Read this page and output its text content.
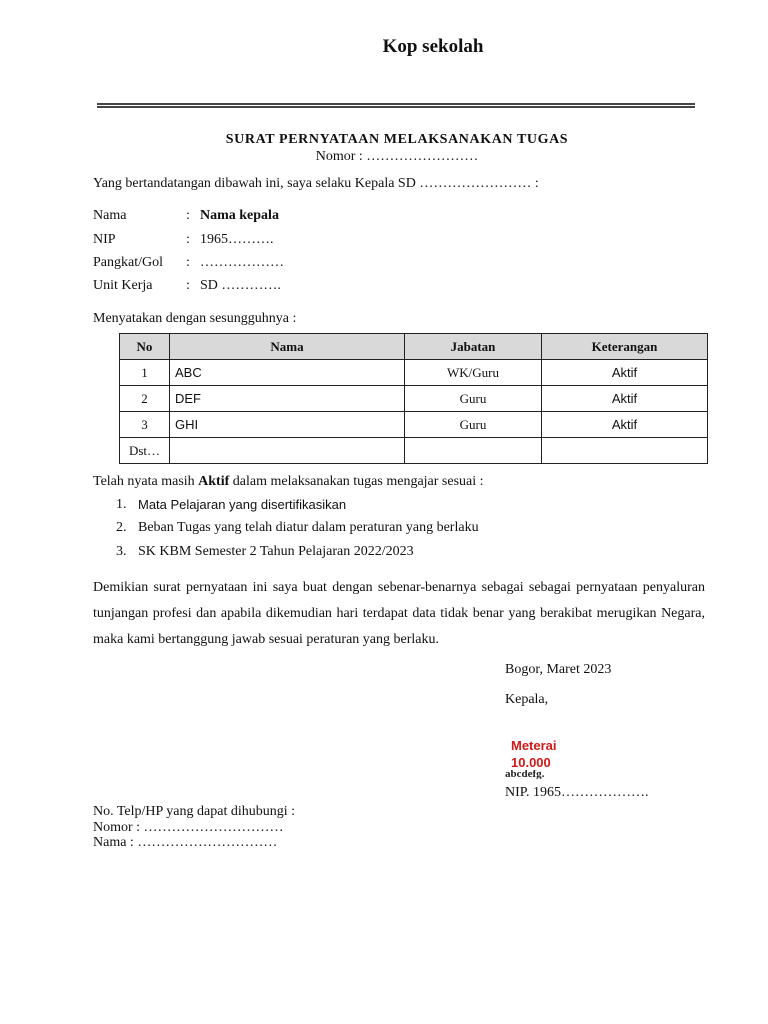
Kop sekolah
SURAT PERNYATAAN MELAKSANAKAN TUGAS
Nomor : ……………………
Yang bertandatangan dibawah ini, saya selaku Kepala SD …………………… :
Nama	: Nama kepala
NIP	: 1965……….
Pangkat/Gol : ………………
Unit Kerja : SD ………….
Menyatakan dengan sesungguhnya :
No	Nama	Jabatan	Keterangan
1	ABC	WK/Guru	Aktif
2	DEF	Guru	Aktif
3	GHI	Guru	Aktif
Dst…			
Telah nyata masih Aktif dalam melaksanakan tugas mengajar sesuai :
1. Mata Pelajaran yang disertifikasikan
2. Beban Tugas yang telah diatur dalam peraturan yang berlaku
3. SK KBM Semester 2 Tahun Pelajaran 2022/2023
Demikian surat pernyataan ini saya buat dengan sebenar-benarnya sebagai sebagai pernyataan penyaluran tunjangan profesi dan apabila dikemudian hari terdapat data tidak benar yang berakibat merugikan Negara, maka kami bertanggung jawab sesuai peraturan yang berlaku.
Bogor, Maret 2023
Kepala,
Meterai
10.000
abcdefg.
NIP. 1965……………….
No. Telp/HP yang dapat dihubungi :
Nomor : …………………………
Nama : …………………………
